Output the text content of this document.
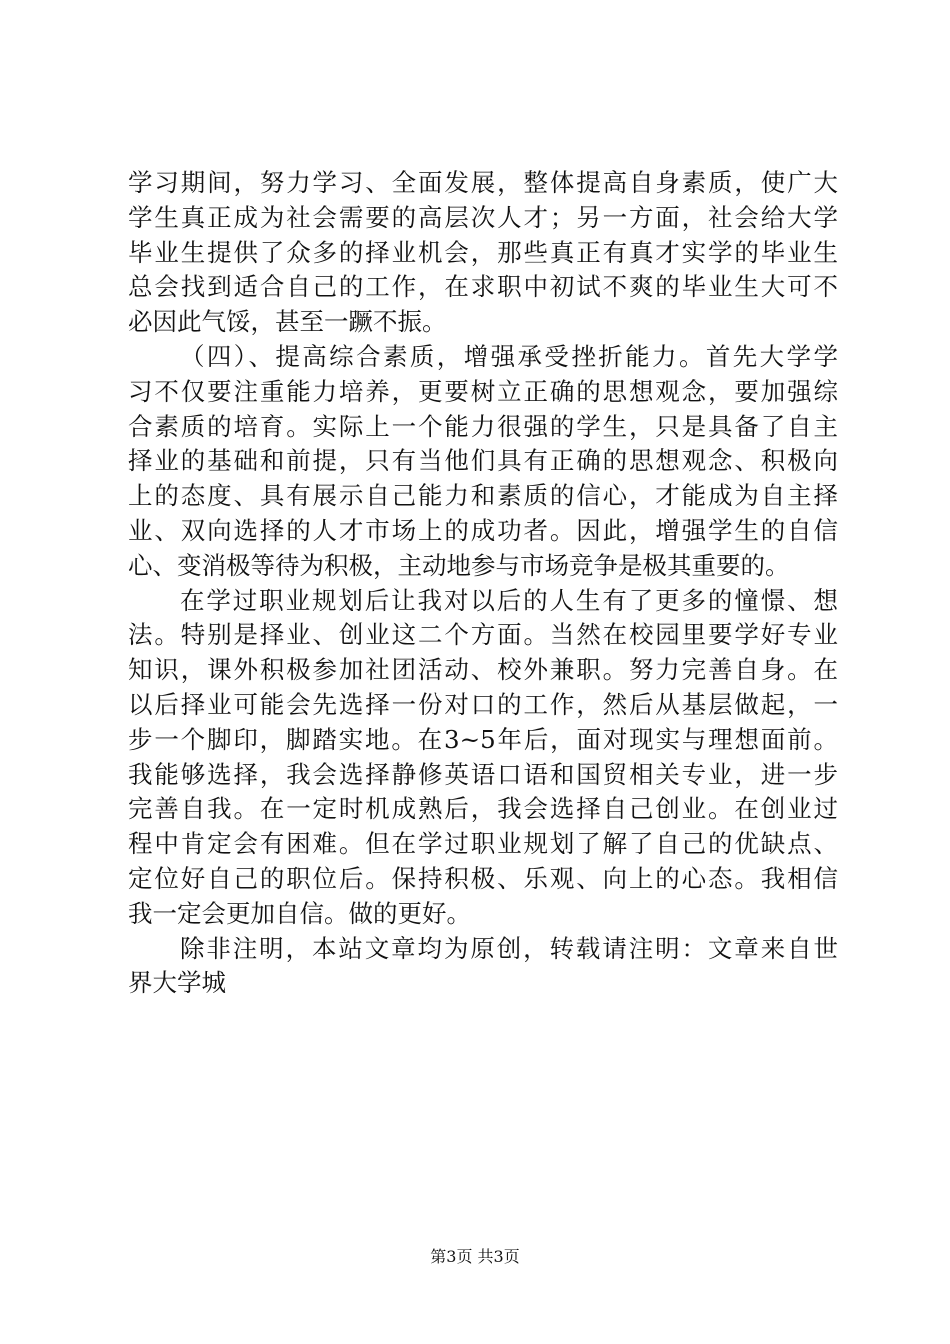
学习期间，努力学习、全面发展，整体提高自身素质，使广大
学生真正成为社会需要的高层次人才；另一方面，社会给大学
毕业生提供了众多的择业机会，那些真正有真才实学的毕业生
总会找到适合自己的工作，在求职中初试不爽的毕业生大可不
必因此气馁，甚至一蹶不振。
（四）、提高综合素质，增强承受挫折能力。首先大学学
习不仅要注重能力培养，更要树立正确的思想观念，要加强综
合素质的培育。实际上一个能力很强的学生，只是具备了自主
择业的基础和前提，只有当他们具有正确的思想观念、积极向
上的态度、具有展示自己能力和素质的信心，才能成为自主择
业、双向选择的人才市场上的成功者。因此，增强学生的自信
心、变消极等待为积极，主动地参与市场竞争是极其重要的。
在学过职业规划后让我对以后的人生有了更多的憧憬、想
法。特别是择业、创业这二个方面。当然在校园里要学好专业
知识，课外积极参加社团活动、校外兼职。努力完善自身。在
以后择业可能会先选择一份对口的工作，然后从基层做起，一
步一个脚印，脚踏实地。在3~5年后，面对现实与理想面前。
我能够选择，我会选择静修英语口语和国贸相关专业，进一步
完善自我。在一定时机成熟后，我会选择自己创业。在创业过
程中肯定会有困难。但在学过职业规划了解了自己的优缺点、
定位好自己的职位后。保持积极、乐观、向上的心态。我相信
我一定会更加自信。做的更好。
除非注明，本站文章均为原创，转载请注明：文章来自世
界大学城
第3页 共3页
